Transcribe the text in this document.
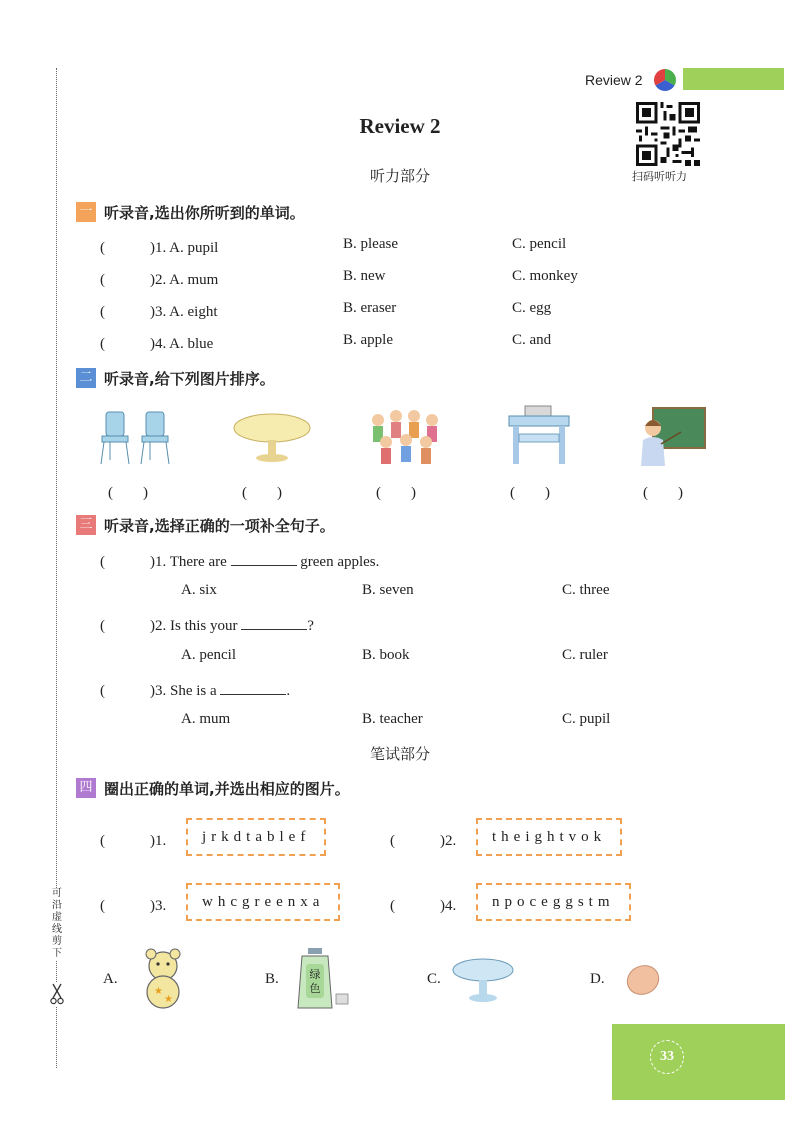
可沿虚线剪下
Review 2
Review 2
听力部分	扫码听听力
一 听录音,选出你所听到的单词。
(　　　)1. A. pupil	B. please	C. pencil
(　　　)2. A. mum	B. new	C. monkey
(　　　)3. A. eight	B. eraser	C. egg
(　　　)4. A. blue	B. apple	C. and
二 听录音,给下列图片排序。
(　　)	(　　)	(　　)	(　　)	(　　)
三 听录音,选择正确的一项补全句子。
(　　　)1. There are	green apples.
A. six	B. seven	C. three
(　　　)2. Is this your	?
A. pencil	B. book	C. ruler
(　　　)3. She is a	.
A. mum	B. teacher	C. pupil
笔试部分
四 圈出正确的单词,并选出相应的图片。
(　　　)1.	jrkdtablef	(　　　)2.	theightvok
(　　　)3.	whcgreenxa	(　　　)4.	npoceggstm
A.
★
★
B.	绿色
C.	D.
33
